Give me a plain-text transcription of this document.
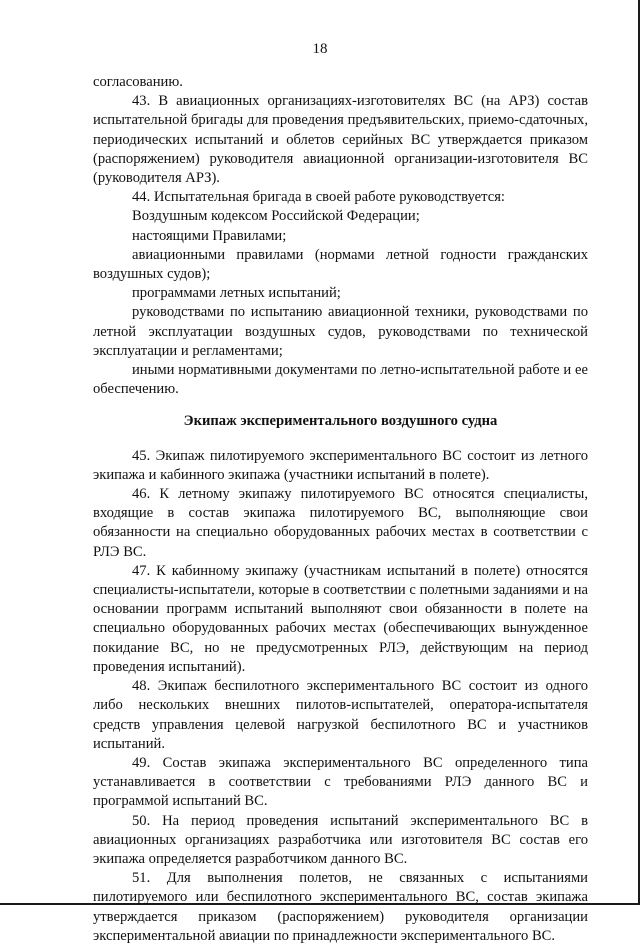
18

согласованию.

43. В авиационных организациях-изготовителях ВС (на АРЗ) состав испытательной бригады для проведения предъявительских, приемо-сдаточных, периодических испытаний и облетов серийных ВС утверждается приказом (распоряжением) руководителя авиационной организации-изготовителя ВС (руководителя АРЗ).

44. Испытательная бригада в своей работе руководствуется:

Воздушным кодексом Российской Федерации;

настоящими Правилами;

авиационными правилами (нормами летной годности гражданских воздушных судов);

программами летных испытаний;

руководствами по испытанию авиационной техники, руководствами по летной эксплуатации воздушных судов, руководствами по технической эксплуатации и регламентами;

иными нормативными документами по летно-испытательной работе и ее обеспечению.

Экипаж экспериментального воздушного судна

45. Экипаж пилотируемого экспериментального ВС состоит из летного экипажа и кабинного экипажа (участники испытаний в полете).

46. К летному экипажу пилотируемого ВС относятся специалисты, входящие в состав экипажа пилотируемого ВС, выполняющие свои обязанности на специально оборудованных рабочих местах в соответствии с РЛЭ ВС.

47. К кабинному экипажу (участникам испытаний в полете) относятся специалисты-испытатели, которые в соответствии с полетными заданиями и на основании программ испытаний выполняют свои обязанности в полете на специально оборудованных рабочих местах (обеспечивающих вынужденное покидание ВС, но не предусмотренных РЛЭ, действующим на период проведения испытаний).

48. Экипаж беспилотного экспериментального ВС состоит из одного либо нескольких внешних пилотов-испытателей, оператора-испытателя средств управления целевой нагрузкой беспилотного ВС и участников испытаний.

49. Состав экипажа экспериментального ВС определенного типа устанавливается в соответствии с требованиями РЛЭ данного ВС и программой испытаний ВС.

50. На период проведения испытаний экспериментального ВС в авиационных организациях разработчика или изготовителя ВС состав его экипажа определяется разработчиком данного ВС.

51. Для выполнения полетов, не связанных с испытаниями пилотируемого или беспилотного экспериментального ВС, состав экипажа утверждается приказом (распоряжением) руководителя организации экспериментальной авиации по принадлежности экспериментального ВС.
